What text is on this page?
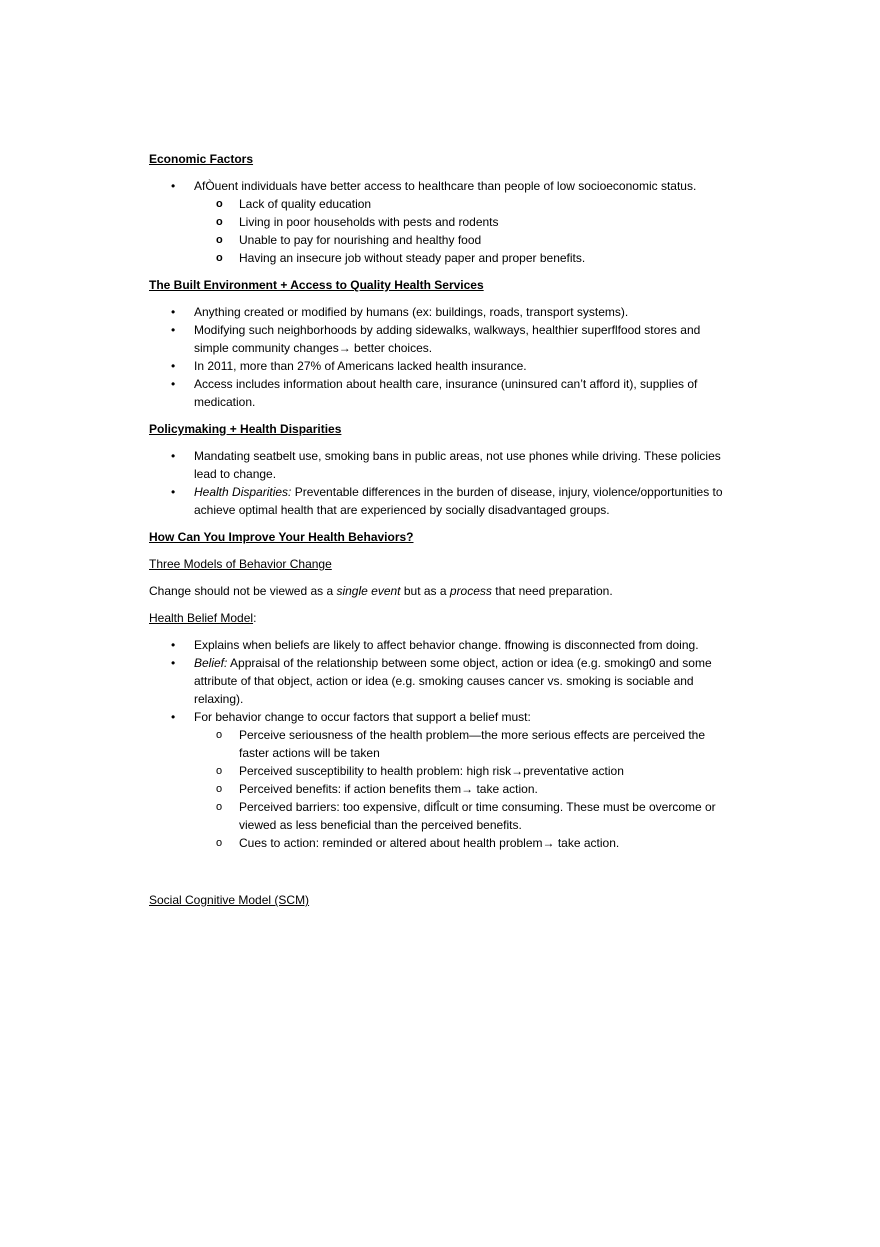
Economic Factors
• AfÒuent individuals have better access to healthcare than people of low socioeconomic status.
o Lack of quality education
o Living in poor households with pests and rodents
o Unable to pay for nourishing and healthy food
o Having an insecure job without steady paper and proper benefits.
The Built Environment + Access to Quality Health Services
• Anything created or modified by humans (ex: buildings, roads, transport systems).
• Modifying such neighborhoods by adding sidewalks, walkways, healthier superﬂfood stores and simple community changes→ better choices.
• In 2011, more than 27% of Americans lacked health insurance.
• Access includes information about health care, insurance (uninsured can’t afford it), supplies of medication.
Policymaking + Health Disparities
• Mandating seatbelt use, smoking bans in public areas, not use phones while driving. These policies lead to change.
• Health Disparities: Preventable differences in the burden of disease, injury, violence/opportunities to achieve optimal health that are experienced by socially disadvantaged groups.
How Can You Improve Your Health Behaviors?
Three Models of Behavior Change

Change should not be viewed as a single event but as a process that need preparation.

Health Belief Model:

• Explains when beliefs are likely to affect behavior change. ffnowing is disconnected from doing.
• Belief: Appraisal of the relationship between some object, action or idea (e.g. smoking0 and some attribute of that object, action or idea (e.g. smoking causes cancer vs. smoking is sociable and relaxing).
• For behavior change to occur factors that support a belief must:
o Perceive seriousness of the health problem—the more serious effects are perceived the faster actions will be taken
o Perceived susceptibility to health problem: high risk→preventative action
o Perceived benefits: if action benefits them→ take action.
o Perceived barriers: too expensive, difÎcult or time consuming. These must be overcome or viewed as less beneficial than the perceived benefits.
o Cues to action: reminded or altered about health problem→ take action.
Social Cognitive Model (SCM)
